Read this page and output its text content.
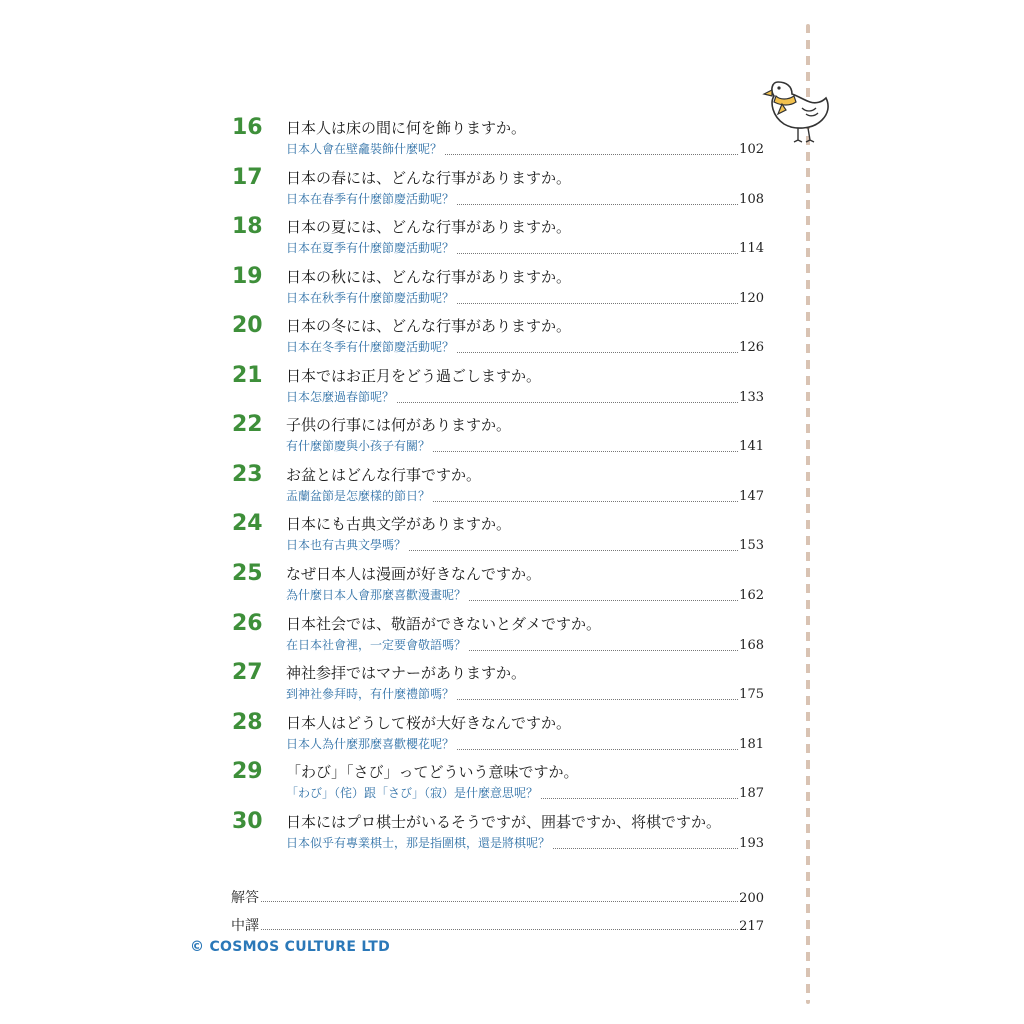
16	日本人は床の間に何を飾りますか。
日本人會在壁龕裝飾什麼呢？	102
17	日本の春には、どんな行事がありますか。
日本在春季有什麼節慶活動呢？	108
18	日本の夏には、どんな行事がありますか。
日本在夏季有什麼節慶活動呢？	114
19	日本の秋には、どんな行事がありますか。
日本在秋季有什麼節慶活動呢？	120
20	日本の冬には、どんな行事がありますか。
日本在冬季有什麼節慶活動呢？	126
21	日本ではお正月をどう過ごしますか。
日本怎麼過春節呢？	133
22	子供の行事には何がありますか。
有什麼節慶與小孩子有關？	141
23	お盆とはどんな行事ですか。
盂蘭盆節是怎麼樣的節日？	147
24	日本にも古典文学がありますか。
日本也有古典文學嗎？	153
25	なぜ日本人は漫画が好きなんですか。
為什麼日本人會那麼喜歡漫畫呢？	162
26	日本社会では、敬語ができないとダメですか。
在日本社會裡，一定要會敬語嗎？	168
27	神社参拝ではマナーがありますか。
到神社參拜時，有什麼禮節嗎？	175
28	日本人はどうして桜が大好きなんですか。
日本人為什麼那麼喜歡櫻花呢？	181
29	「わび」「さび」ってどういう意味ですか。
「わび」（侘）跟「さび」（寂）是什麼意思呢？	187
30	日本にはプロ棋士がいるそうですが、囲碁ですか、将棋ですか。
日本似乎有專業棋士，那是指圍棋，還是將棋呢？	193
解答	200
中譯	217
© COSMOS CULTURE LTD
